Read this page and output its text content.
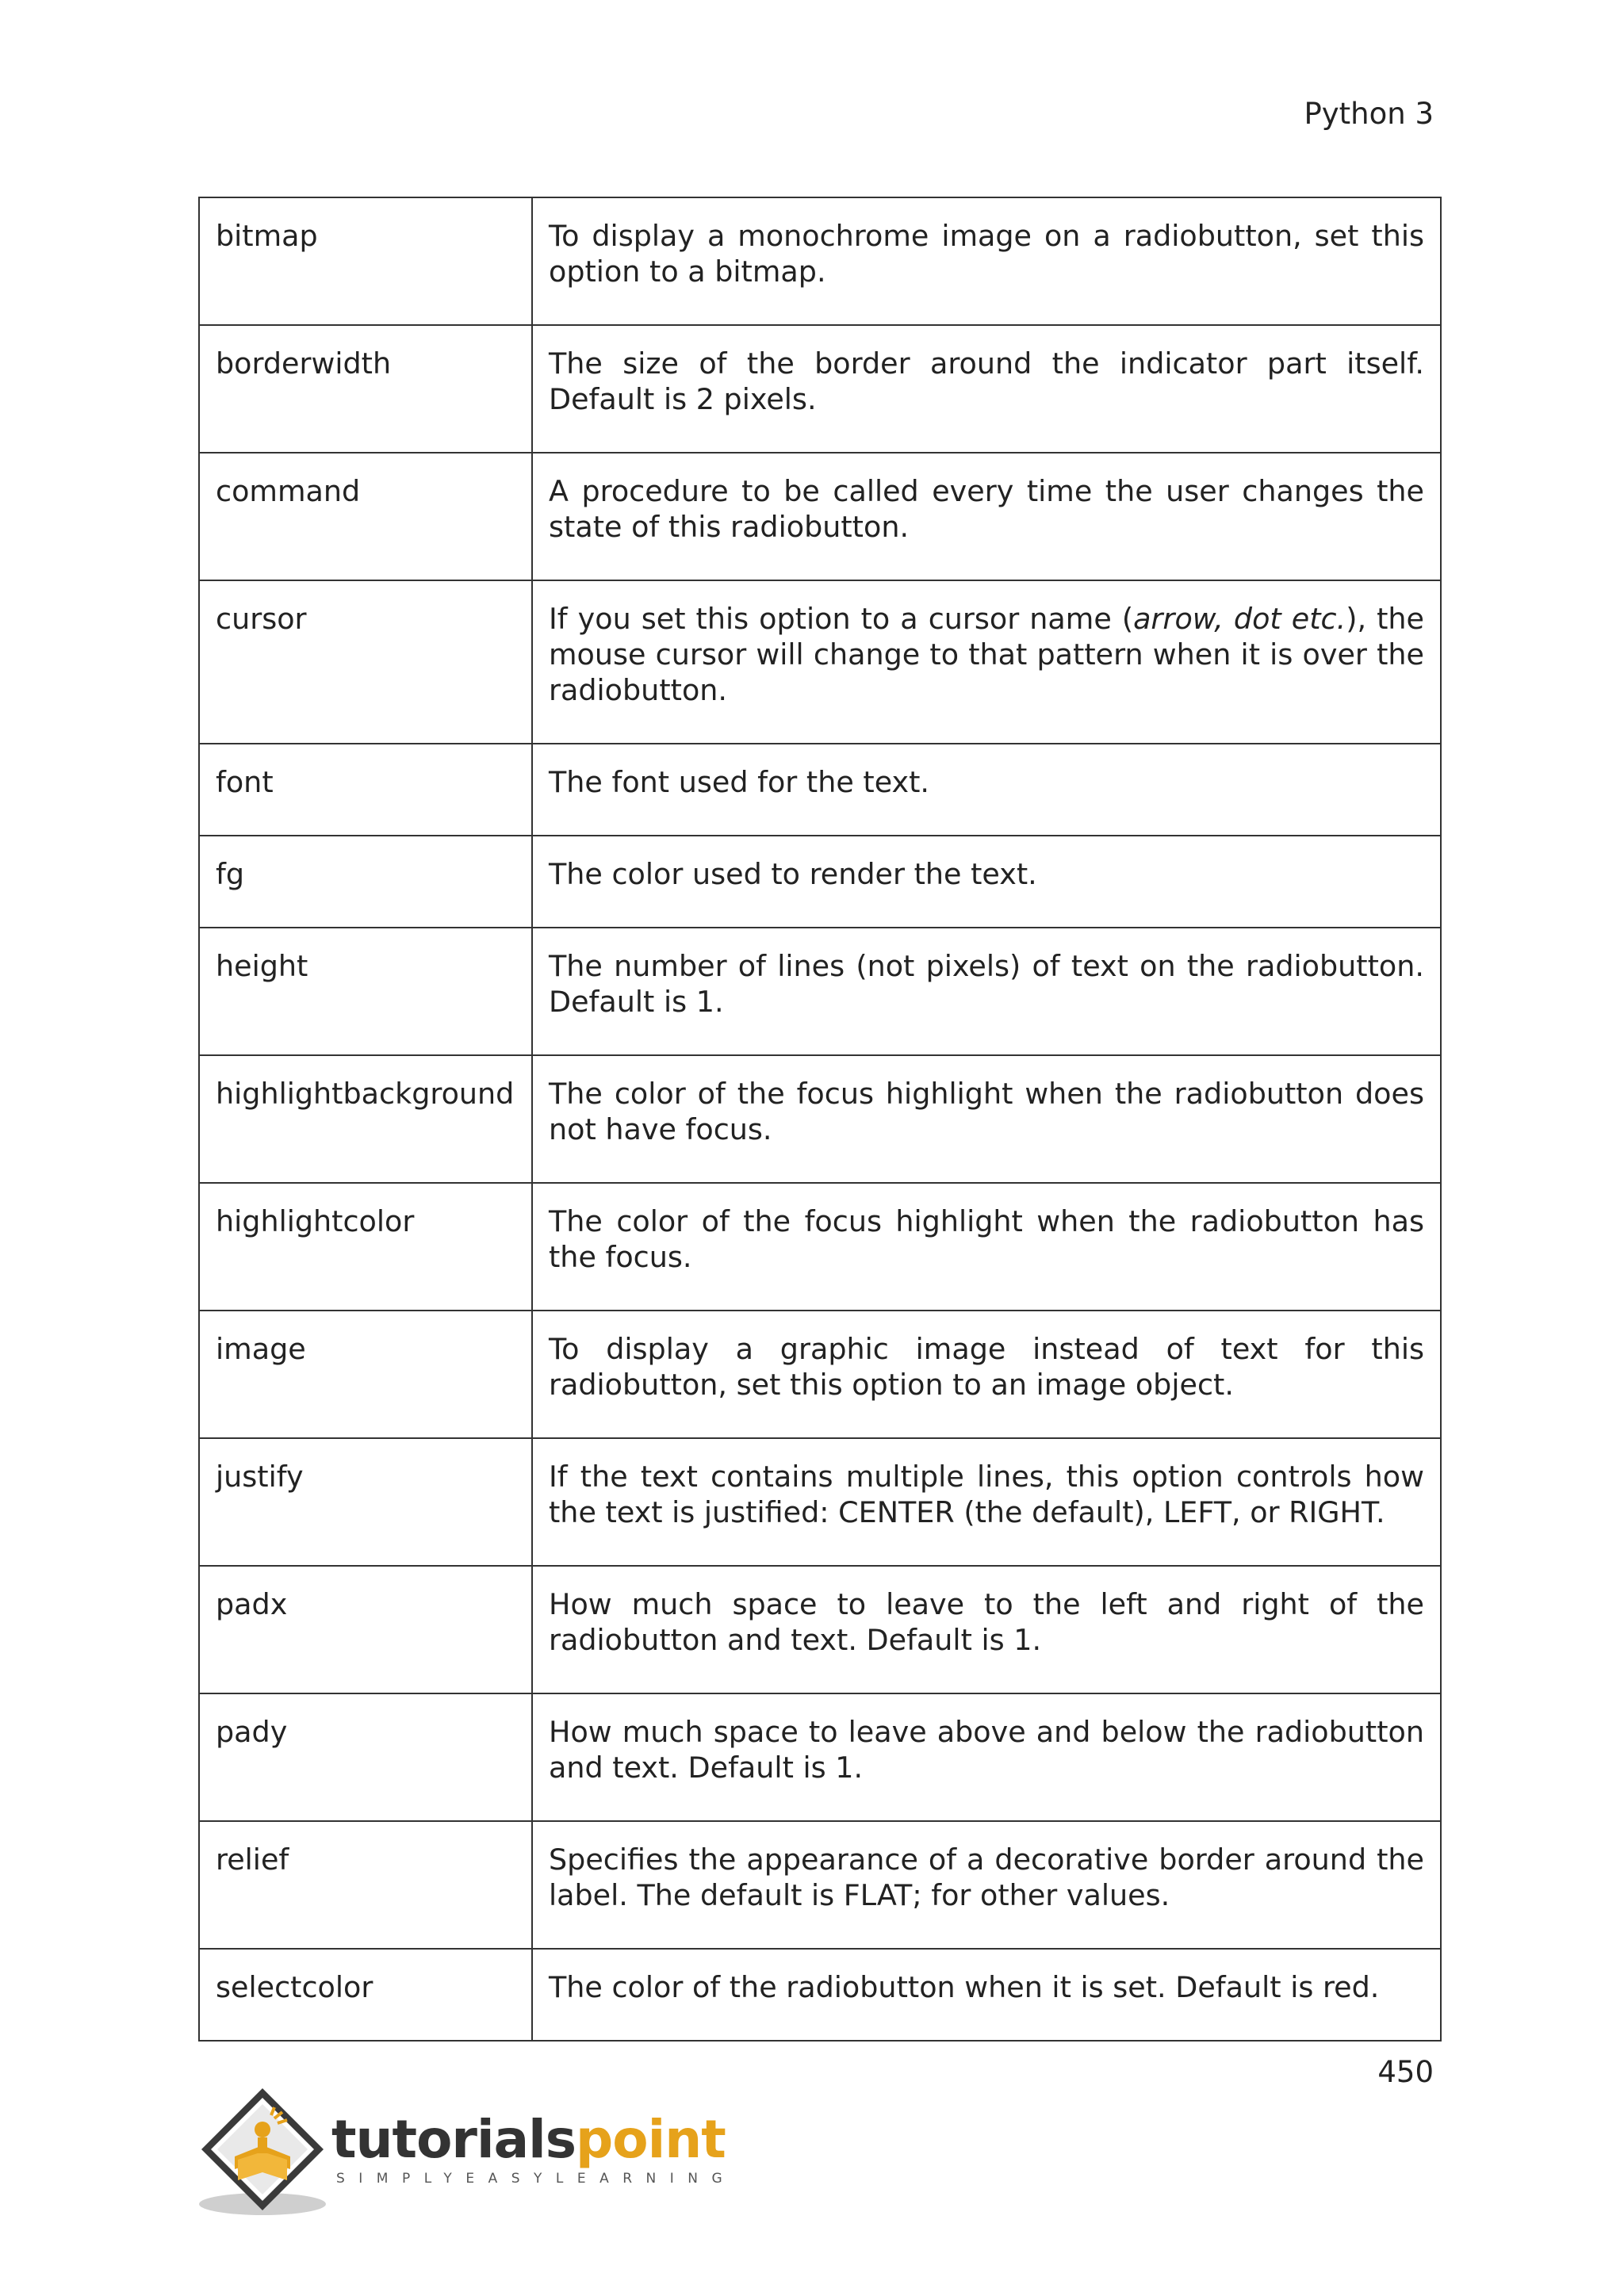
Python 3
bitmap	To display a monochrome image on a radiobutton, set this option to a bitmap.
borderwidth	The size of the border around the indicator part itself. Default is 2 pixels.
command	A procedure to be called every time the user changes the state of this radiobutton.
cursor	If you set this option to a cursor name (arrow, dot etc.), the mouse cursor will change to that pattern when it is over the radiobutton.
font	The font used for the text.
fg	The color used to render the text.
height	The number of lines (not pixels) of text on the radiobutton. Default is 1.
highlightbackground	The color of the focus highlight when the radiobutton does not have focus.
highlightcolor	The color of the focus highlight when the radiobutton has the focus.
image	To display a graphic image instead of text for this radiobutton, set this option to an image object.
justify	If the text contains multiple lines, this option controls how the text is justified: CENTER (the default), LEFT, or RIGHT.
padx	How much space to leave to the left and right of the radiobutton and text. Default is 1.
pady	How much space to leave above and below the radiobutton and text. Default is 1.
relief	Specifies the appearance of a decorative border around the label. The default is FLAT; for other values.
selectcolor	The color of the radiobutton when it is set. Default is red.
450
tutorialspoint
SIMPLYEASYLEARNING
